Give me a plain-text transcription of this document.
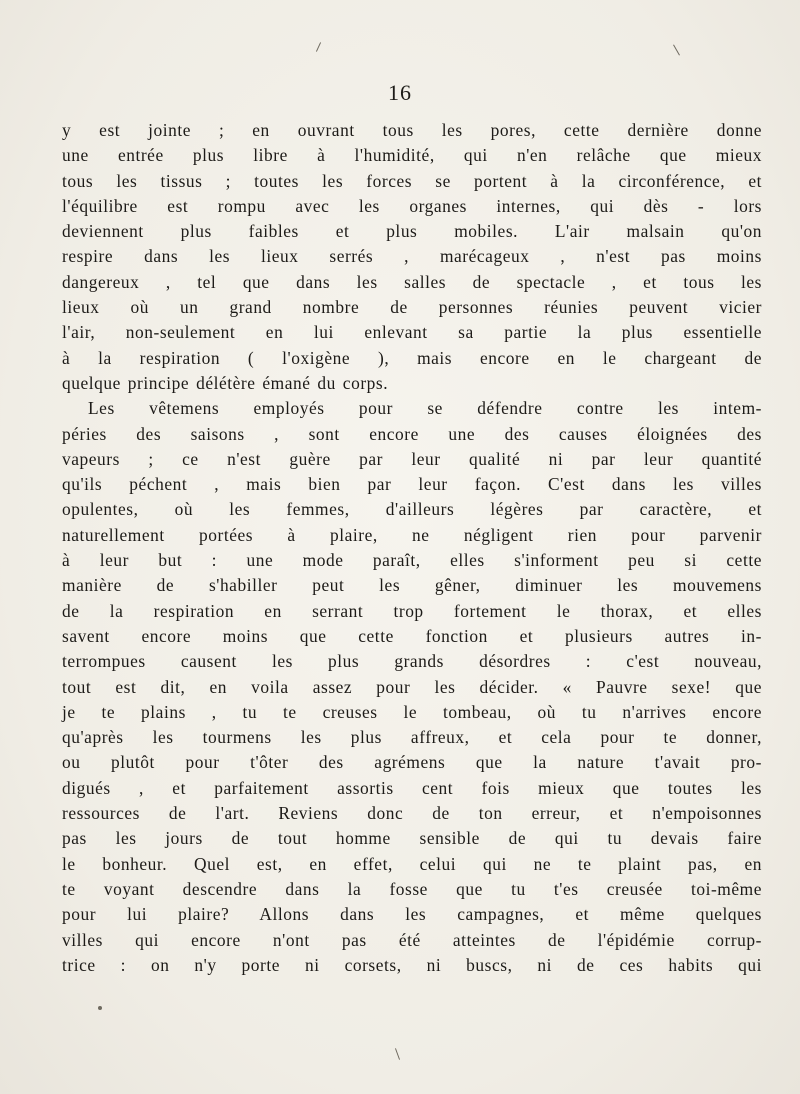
16
y est jointe ; en ouvrant tous les pores, cette dernière donne
une entrée plus libre à l'humidité, qui n'en relâche que mieux
tous les tissus ; toutes les forces se portent à la circonférence, et
l'équilibre est rompu avec les organes internes, qui dès - lors
deviennent plus faibles et plus mobiles. L'air malsain qu'on
respire dans les lieux serrés , marécageux , n'est pas moins
dangereux , tel que dans les salles de spectacle , et tous les
lieux où un grand nombre de personnes réunies peuvent vicier
l'air, non-seulement en lui enlevant sa partie la plus essentielle
à la respiration ( l'oxigène ), mais encore en le chargeant de
quelque principe délétère émané du corps.
Les vêtemens employés pour se défendre contre les intem-
péries des saisons , sont encore une des causes éloignées des
vapeurs ; ce n'est guère par leur qualité ni par leur quantité
qu'ils péchent , mais bien par leur façon. C'est dans les villes
opulentes, où les femmes, d'ailleurs légères par caractère, et
naturellement portées à plaire, ne négligent rien pour parvenir
à leur but : une mode paraît, elles s'informent peu si cette
manière de s'habiller peut les gêner, diminuer les mouvemens
de la respiration en serrant trop fortement le thorax, et elles
savent encore moins que cette fonction et plusieurs autres in-
terrompues causent les plus grands désordres : c'est nouveau,
tout est dit, en voila assez pour les décider. « Pauvre sexe! que
je te plains , tu te creuses le tombeau, où tu n'arrives encore
qu'après les tourmens les plus affreux, et cela pour te donner,
ou plutôt pour t'ôter des agrémens que la nature t'avait pro-
digués , et parfaitement assortis cent fois mieux que toutes les
ressources de l'art. Reviens donc de ton erreur, et n'empoisonnes
pas les jours de tout homme sensible de qui tu devais faire
le bonheur. Quel est, en effet, celui qui ne te plaint pas, en
te voyant descendre dans la fosse que tu t'es creusée toi-même
pour lui plaire? Allons dans les campagnes, et même quelques
villes qui encore n'ont pas été atteintes de l'épidémie corrup-
trice : on n'y porte ni corsets, ni buscs, ni de ces habits qui
